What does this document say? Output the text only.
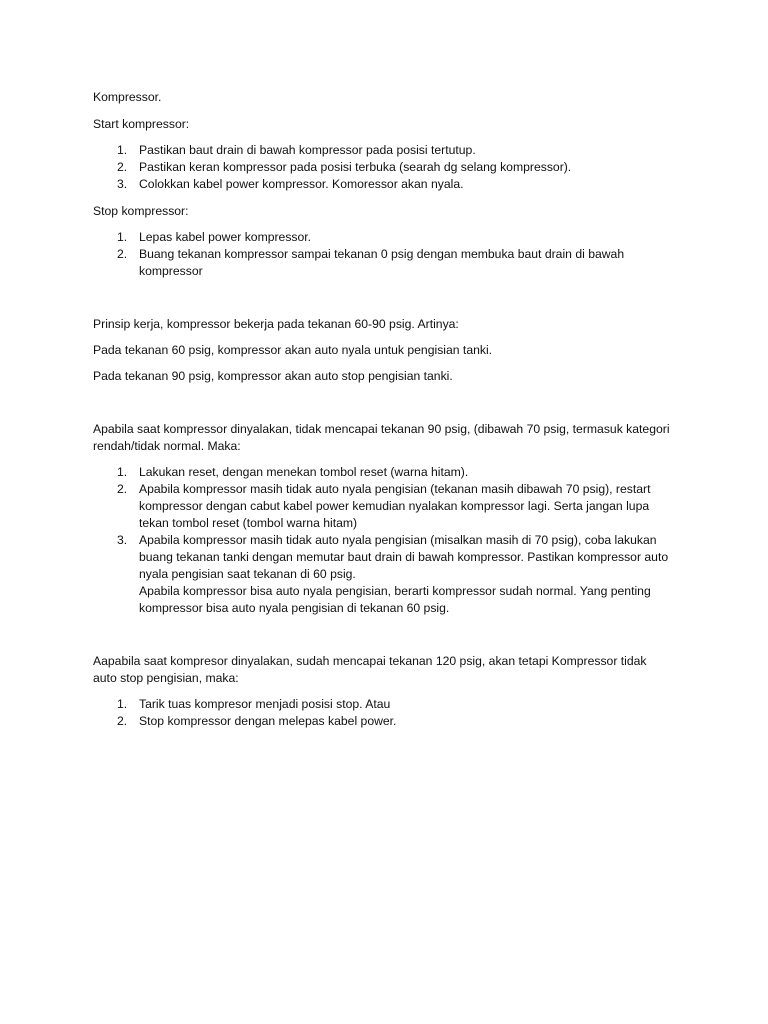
Kompressor.

Start kompressor:

1. Pastikan baut drain di bawah kompressor pada posisi tertutup.
2. Pastikan keran kompressor pada posisi terbuka (searah dg selang kompressor).
3. Colokkan kabel power kompressor. Komoressor akan nyala.

Stop kompressor:

1. Lepas kabel power kompressor.
2. Buang tekanan kompressor sampai tekanan 0 psig dengan membuka baut drain di bawah kompressor

Prinsip kerja, kompressor bekerja pada tekanan 60-90 psig. Artinya:

Pada tekanan 60 psig, kompressor akan auto nyala untuk pengisian tanki.

Pada tekanan 90 psig, kompressor akan auto stop pengisian tanki.

Apabila saat kompressor dinyalakan, tidak mencapai tekanan 90 psig, (dibawah 70 psig, termasuk kategori rendah/tidak normal. Maka:

1. Lakukan reset, dengan menekan tombol reset (warna hitam).
2. Apabila kompressor masih tidak auto nyala pengisian (tekanan masih dibawah 70 psig), restart kompressor dengan cabut kabel power kemudian nyalakan kompressor lagi. Serta jangan lupa tekan tombol reset (tombol warna hitam)
3. Apabila kompressor masih tidak auto nyala pengisian (misalkan masih di 70 psig), coba lakukan buang tekanan tanki dengan memutar baut drain di bawah kompressor. Pastikan kompressor auto nyala pengisian saat tekanan di 60 psig.
Apabila kompressor bisa auto nyala pengisian, berarti kompressor sudah normal. Yang penting kompressor bisa auto nyala pengisian di tekanan 60 psig.

Aapabila saat kompresor dinyalakan, sudah mencapai tekanan 120 psig, akan tetapi Kompressor tidak auto stop pengisian, maka:

1. Tarik tuas kompresor menjadi posisi stop. Atau
2. Stop kompressor dengan melepas kabel power.
